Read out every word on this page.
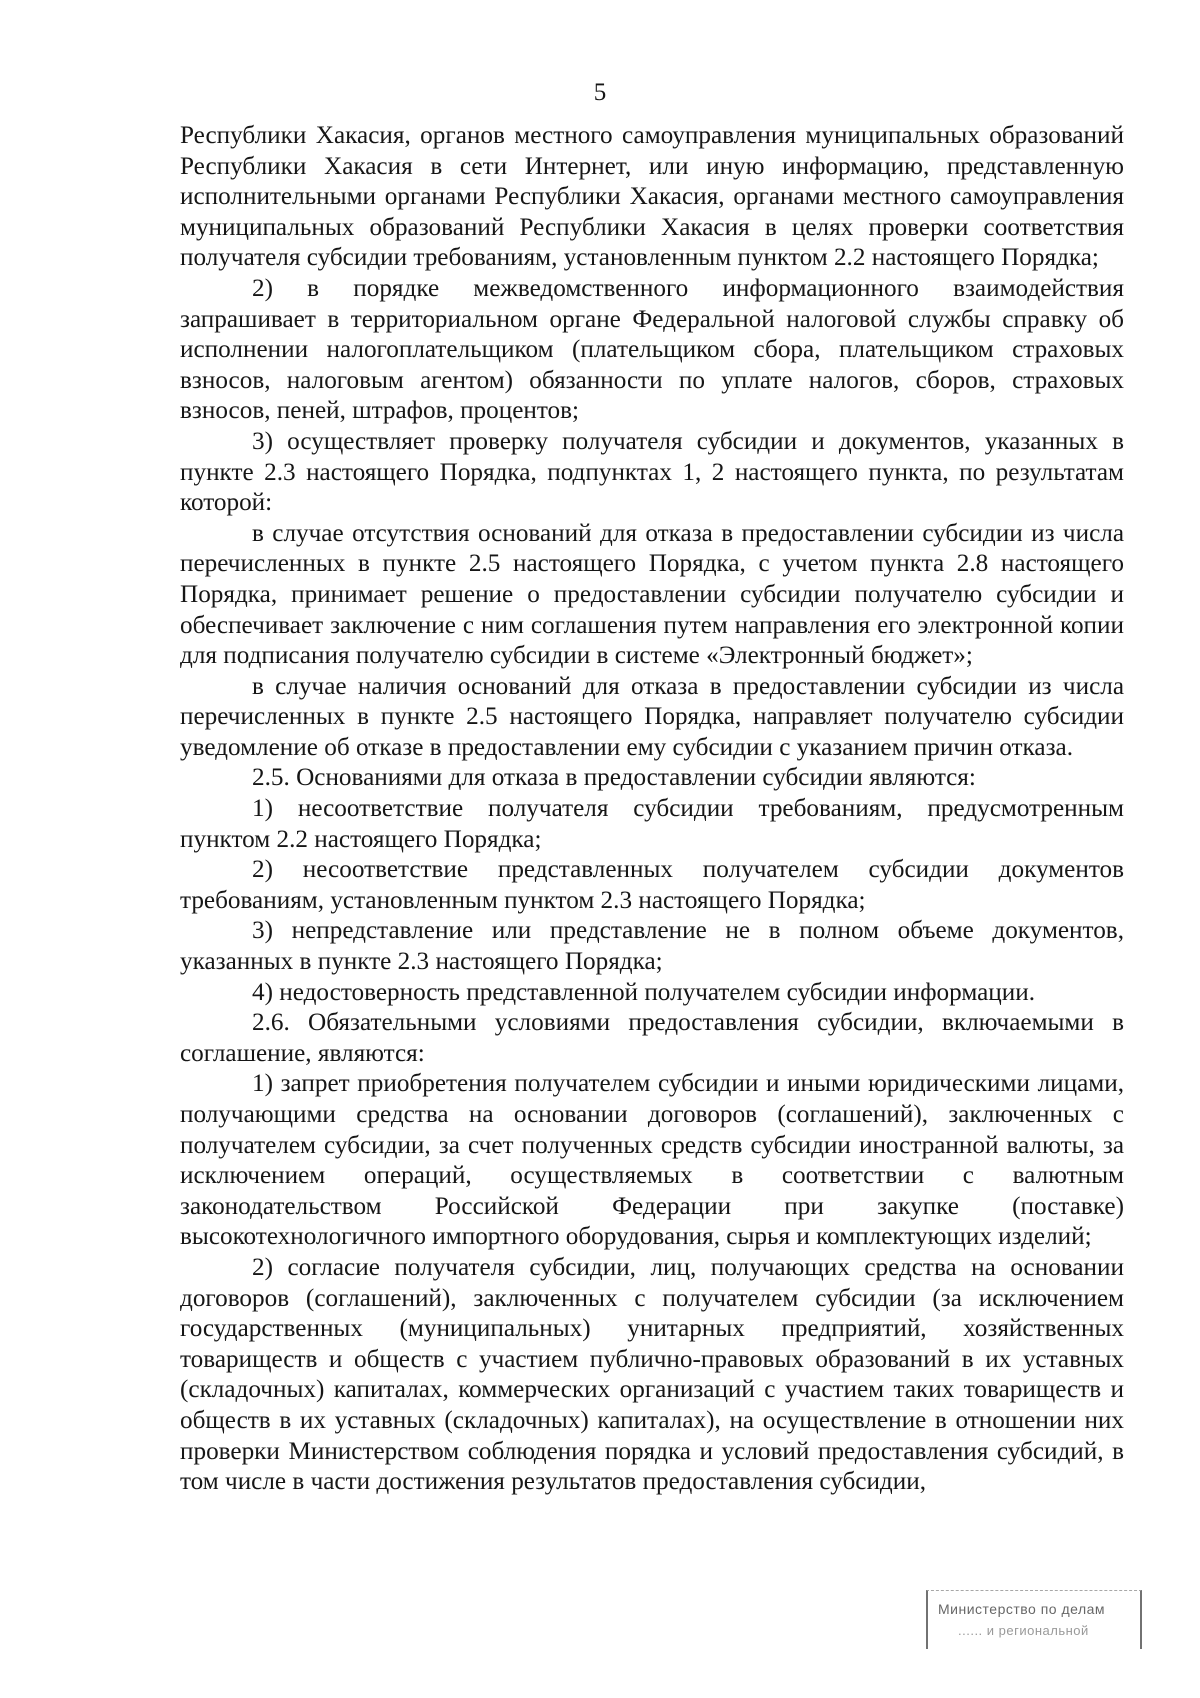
5

Республики Хакасия, органов местного самоуправления муниципальных образований Республики Хакасия в сети Интернет, или иную информацию, представленную исполнительными органами Республики Хакасия, органами местного самоуправления муниципальных образований Республики Хакасия в целях проверки соответствия получателя субсидии требованиям, установленным пунктом 2.2 настоящего Порядка;

2) в порядке межведомственного информационного взаимодействия запрашивает в территориальном органе Федеральной налоговой службы справку об исполнении налогоплательщиком (плательщиком сбора, плательщиком страховых взносов, налоговым агентом) обязанности по уплате налогов, сборов, страховых взносов, пеней, штрафов, процентов;

3) осуществляет проверку получателя субсидии и документов, указанных в пункте 2.3 настоящего Порядка, подпунктах 1, 2 настоящего пункта, по результатам которой:

в случае отсутствия оснований для отказа в предоставлении субсидии из числа перечисленных в пункте 2.5 настоящего Порядка, с учетом пункта 2.8 настоящего Порядка, принимает решение о предоставлении субсидии получателю субсидии и обеспечивает заключение с ним соглашения путем направления его электронной копии для подписания получателю субсидии в системе «Электронный бюджет»;

в случае наличия оснований для отказа в предоставлении субсидии из числа перечисленных в пункте 2.5 настоящего Порядка, направляет получателю субсидии уведомление об отказе в предоставлении ему субсидии с указанием причин отказа.

2.5. Основаниями для отказа в предоставлении субсидии являются:

1) несоответствие получателя субсидии требованиям, предусмотренным пунктом 2.2 настоящего Порядка;

2) несоответствие представленных получателем субсидии документов требованиям, установленным пунктом 2.3 настоящего Порядка;

3) непредставление или представление не в полном объеме документов, указанных в пункте 2.3 настоящего Порядка;

4) недостоверность представленной получателем субсидии информации.

2.6. Обязательными условиями предоставления субсидии, включаемыми в соглашение, являются:

1) запрет приобретения получателем субсидии и иными юридическими лицами, получающими средства на основании договоров (соглашений), заключенных с получателем субсидии, за счет полученных средств субсидии иностранной валюты, за исключением операций, осуществляемых в соответствии с валютным законодательством Российской Федерации при закупке (поставке) высокотехнологичного импортного оборудования, сырья и комплектующих изделий;

2) согласие получателя субсидии, лиц, получающих средства на основании договоров (соглашений), заключенных с получателем субсидии (за исключением государственных (муниципальных) унитарных предприятий, хозяйственных товариществ и обществ с участием публично-правовых образований в их уставных (складочных) капиталах, коммерческих организаций с участием таких товариществ и обществ в их уставных (складочных) капиталах), на осуществление в отношении них проверки Министерством соблюдения порядка и условий предоставления субсидий, в том числе в части достижения результатов предоставления субсидии,

Министерство по делам
...... и региональной
